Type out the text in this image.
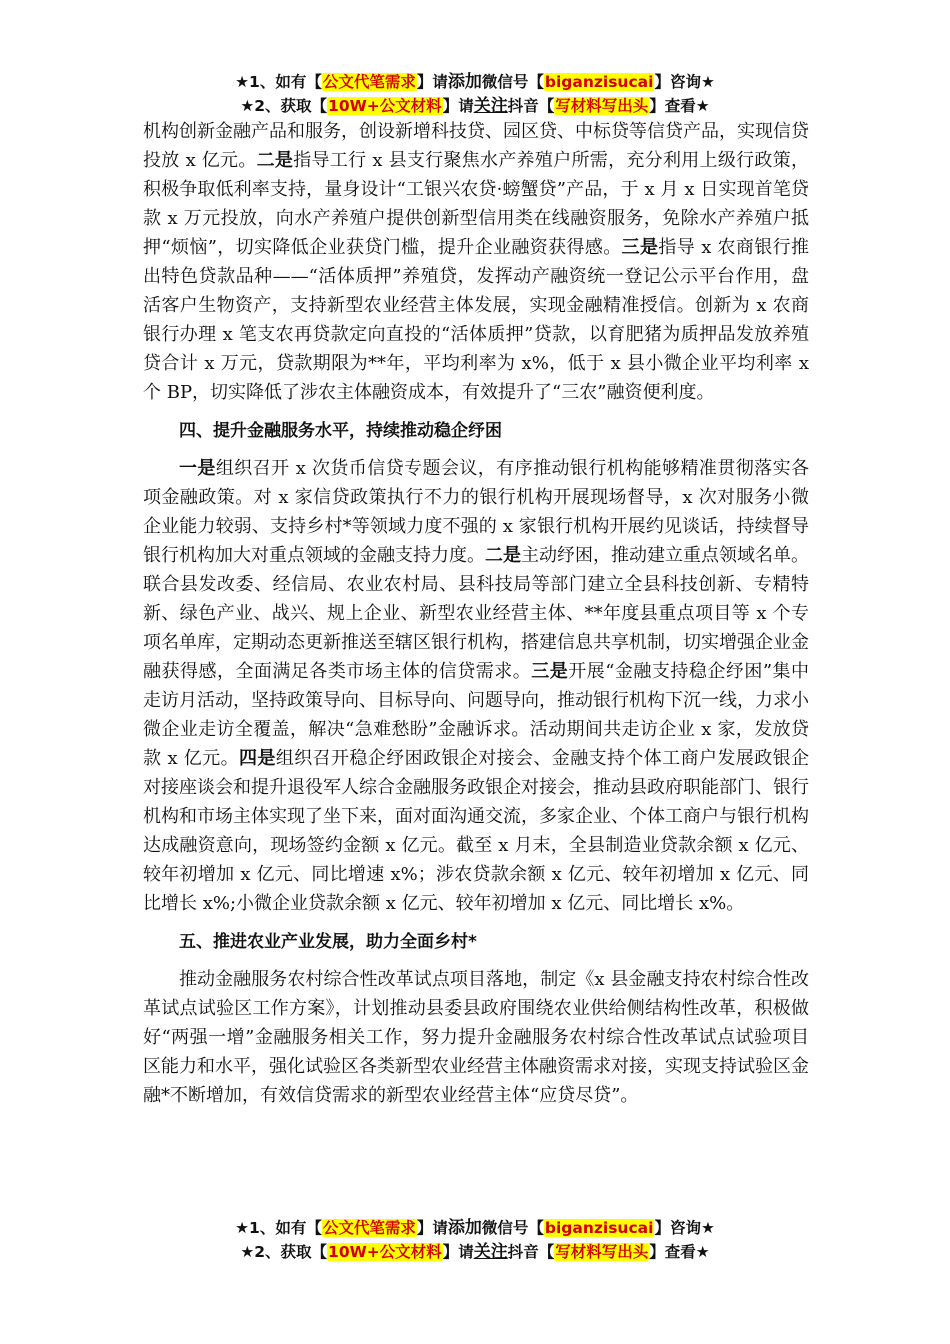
★1、如有【公文代笔需求】请添加微信号【biganzisucai】咨询★
★2、获取【10W+公文材料】请关注抖音【写材料写出头】查看★

机构创新金融产品和服务，创设新增科技贷、园区贷、中标贷等信贷产品，实现信贷投放 x 亿元。二是指导工行 x 县支行聚焦水产养殖户所需，充分利用上级行政策，积极争取低利率支持，量身设计“工银兴农贷·螃蟹贷”产品，于 x 月 x 日实现首笔贷款 x 万元投放，向水产养殖户提供创新型信用类在线融资服务，免除水产养殖户抵押“烦恼”，切实降低企业获贷门槛，提升企业融资获得感。三是指导 x 农商银行推出特色贷款品种——“活体质押”养殖贷，发挥动产融资统一登记公示平台作用，盘活客户生物资产，支持新型农业经营主体发展，实现金融精准授信。创新为 x 农商银行办理 x 笔支农再贷款定向直投的“活体质押”贷款，以育肥猪为质押品发放养殖贷合计 x 万元，贷款期限为**年，平均利率为 x%，低于 x 县小微企业平均利率 x 个 BP，切实降低了涉农主体融资成本，有效提升了“三农”融资便利度。

四、提升金融服务水平，持续推动稳企纾困

一是组织召开 x 次货币信贷专题会议，有序推动银行机构能够精准贯彻落实各项金融政策。对 x 家信贷政策执行不力的银行机构开展现场督导，x 次对服务小微企业能力较弱、支持乡村*等领域力度不强的 x 家银行机构开展约见谈话，持续督导银行机构加大对重点领域的金融支持力度。二是主动纾困，推动建立重点领域名单。联合县发改委、经信局、农业农村局、县科技局等部门建立全县科技创新、专精特新、绿色产业、战兴、规上企业、新型农业经营主体、**年度县重点项目等 x 个专项名单库，定期动态更新推送至辖区银行机构，搭建信息共享机制，切实增强企业金融获得感，全面满足各类市场主体的信贷需求。三是开展“金融支持稳企纾困”集中走访月活动，坚持政策导向、目标导向、问题导向，推动银行机构下沉一线，力求小微企业走访全覆盖，解决“急难愁盼”金融诉求。活动期间共走访企业 x 家，发放贷款 x 亿元。四是组织召开稳企纾困政银企对接会、金融支持个体工商户发展政银企对接座谈会和提升退役军人综合金融服务政银企对接会，推动县政府职能部门、银行机构和市场主体实现了坐下来，面对面沟通交流，多家企业、个体工商户与银行机构达成融资意向，现场签约金额 x 亿元。截至 x 月末，全县制造业贷款余额 x 亿元、较年初增加 x 亿元、同比增速 x%；涉农贷款余额 x 亿元、较年初增加 x 亿元、同比增长 x%;小微企业贷款余额 x 亿元、较年初增加 x 亿元、同比增长 x%。

五、推进农业产业发展，助力全面乡村*

推动金融服务农村综合性改革试点项目落地，制定《x 县金融支持农村综合性改革试点试验区工作方案》，计划推动县委县政府围绕农业供给侧结构性改革，积极做好“两强一增”金融服务相关工作，努力提升金融服务农村综合性改革试点试验项目区能力和水平，强化试验区各类新型农业经营主体融资需求对接，实现支持试验区金融*不断增加，有效信贷需求的新型农业经营主体“应贷尽贷”。

★1、如有【公文代笔需求】请添加微信号【biganzisucai】咨询★
★2、获取【10W+公文材料】请关注抖音【写材料写出头】查看★
